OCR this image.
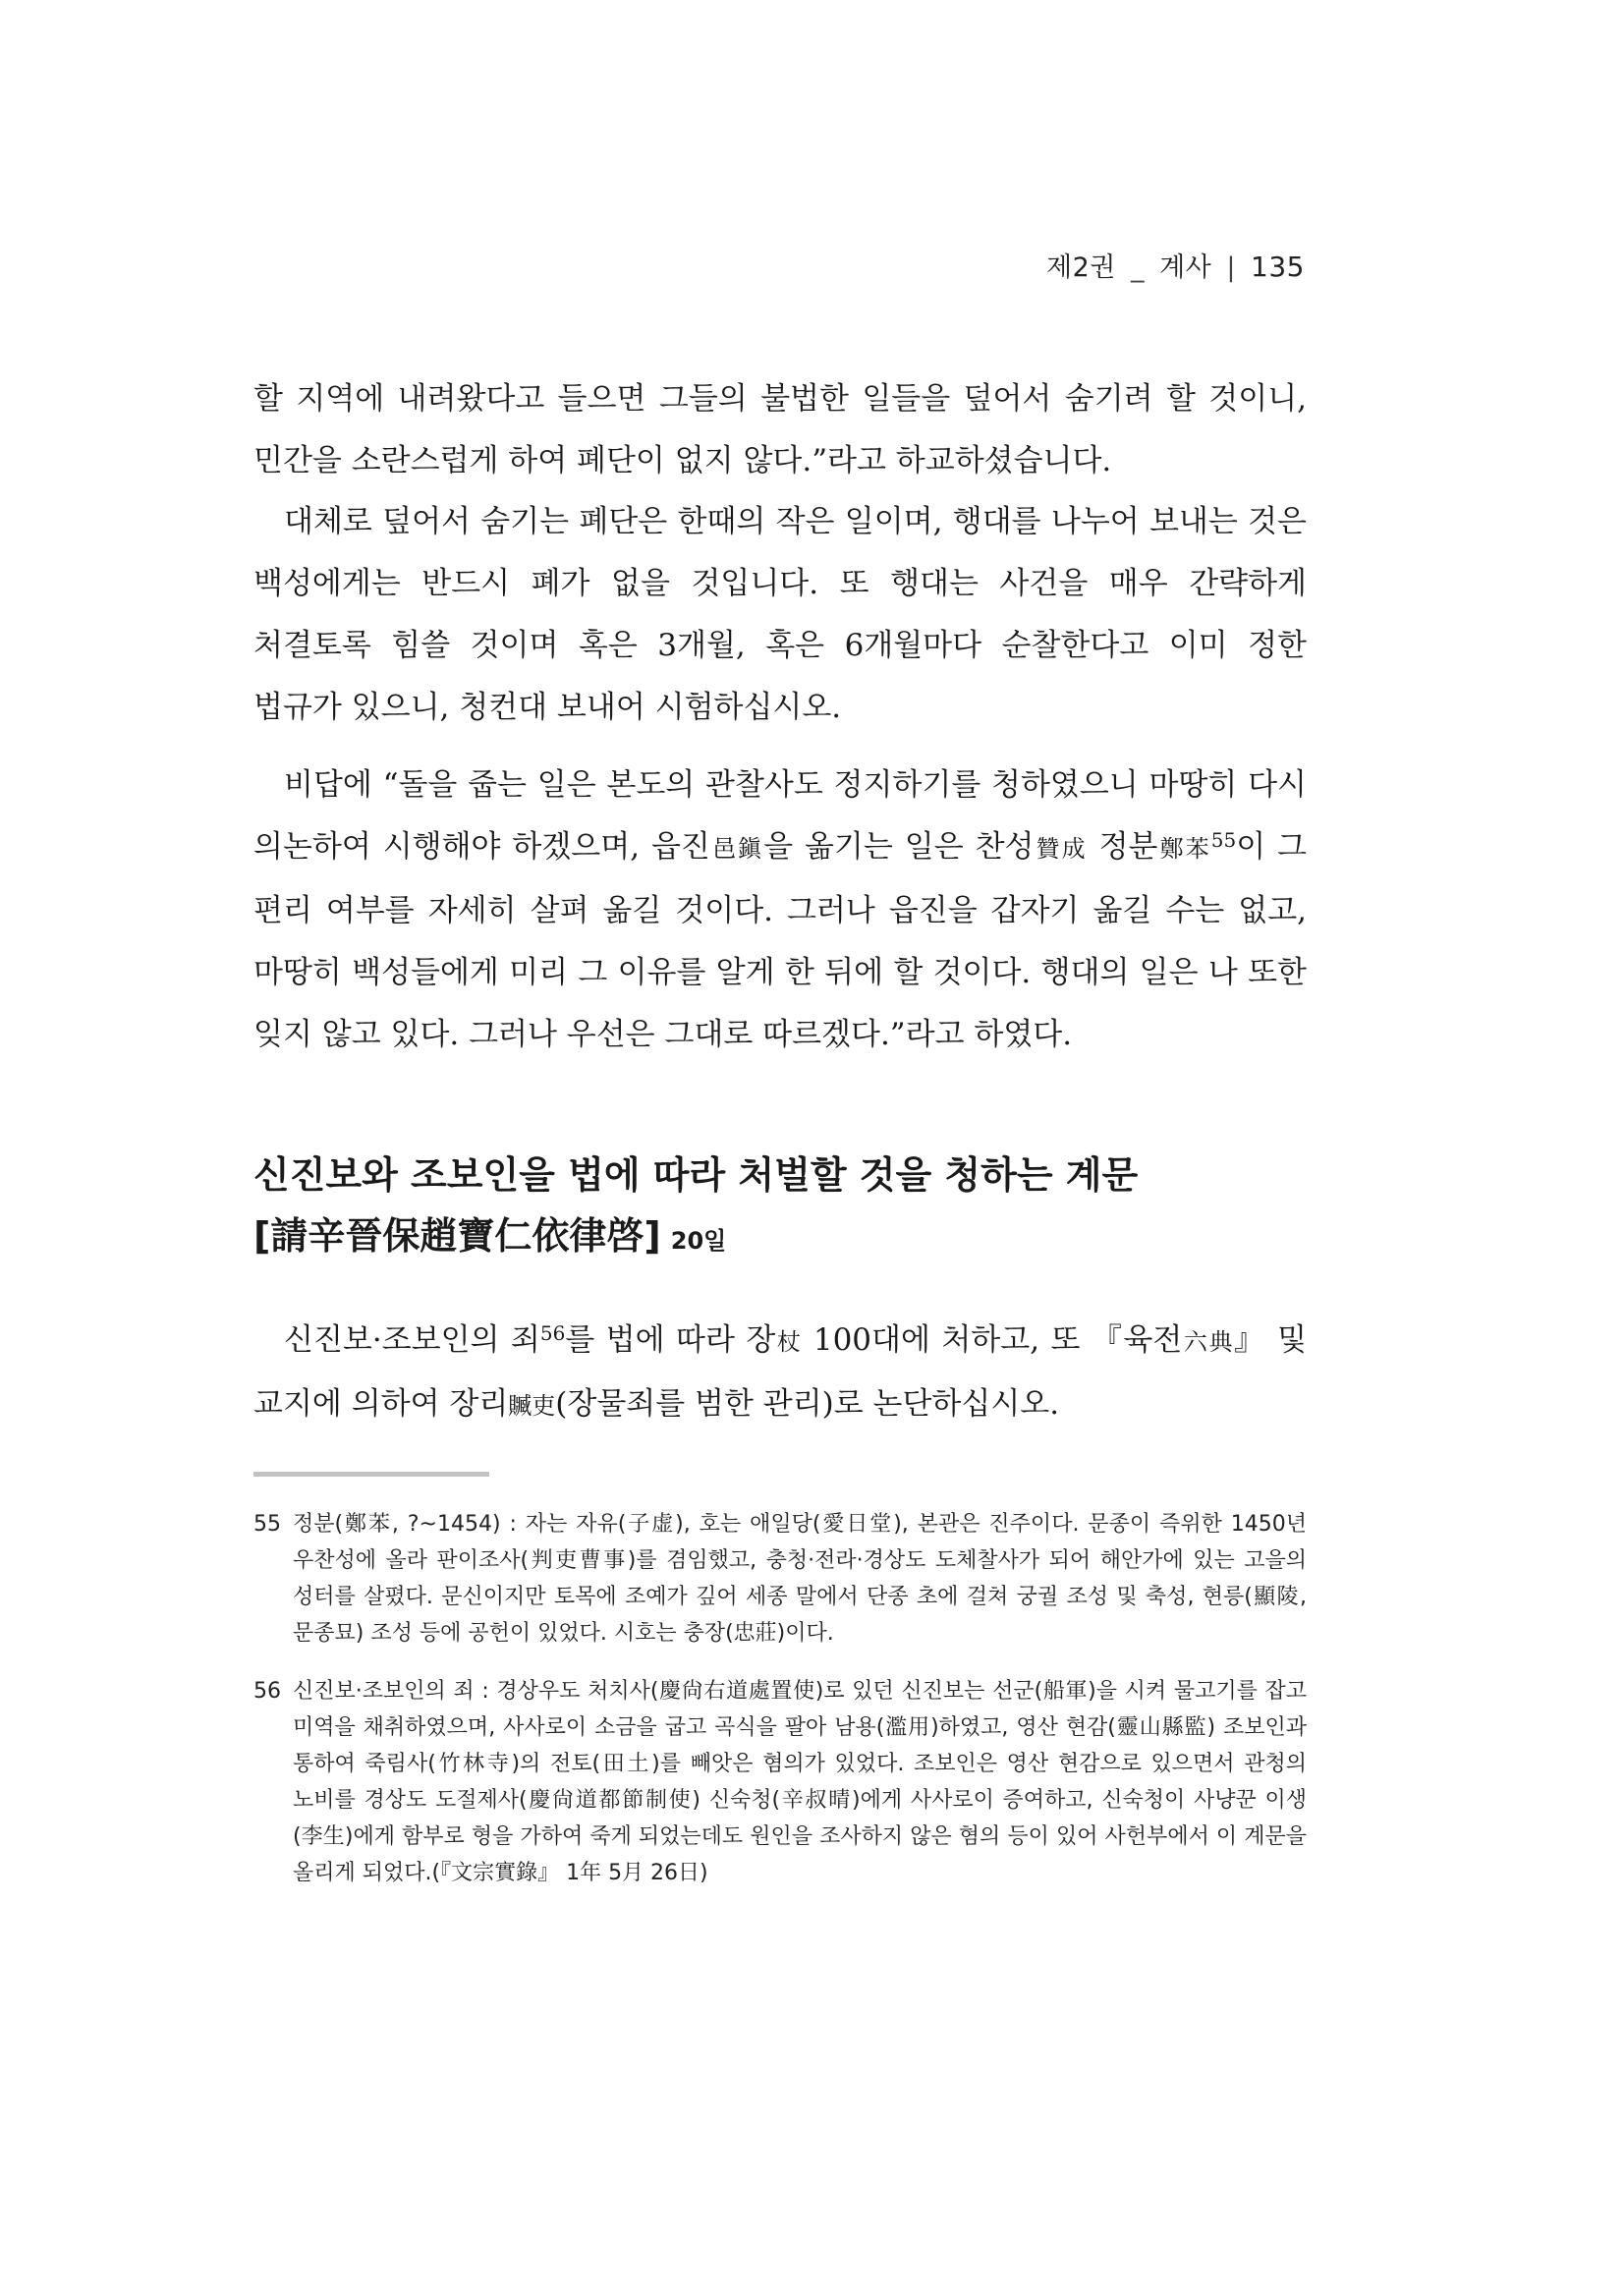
제2권 _ 계사 | 135

할 지역에 내려왔다고 들으면 그들의 불법한 일들을 덮어서 숨기려 할 것이니, 민간을 소란스럽게 하여 폐단이 없지 않다.”라고 하교하셨습니다.

대체로 덮어서 숨기는 폐단은 한때의 작은 일이며, 행대를 나누어 보내는 것은 백성에게는 반드시 폐가 없을 것입니다. 또 행대는 사건을 매우 간략하게 처결토록 힘쓸 것이며 혹은 3개월, 혹은 6개월마다 순찰한다고 이미 정한 법규가 있으니, 청컨대 보내어 시험하십시오.

비답에 “돌을 줍는 일은 본도의 관찰사도 정지하기를 청하였으니 마땅히 다시 의논하여 시행해야 하겠으며, 읍진邑鎭을 옮기는 일은 찬성贊成 정분鄭苯$^{55}$이 그 편리 여부를 자세히 살펴 옮길 것이다. 그러나 읍진을 갑자기 옮길 수는 없고, 마땅히 백성들에게 미리 그 이유를 알게 한 뒤에 할 것이다. 행대의 일은 나 또한 잊지 않고 있다. 그러나 우선은 그대로 따르겠다.”라고 하였다.

신진보와 조보인을 법에 따라 처벌할 것을 청하는 계문[請辛晉保趙寶仁依律啓] 20일

신진보·조보인의 죄$^{56}$를 법에 따라 장杖 100대에 처하고, 또 『육전六典』 및 교지에 의하여 장리贓吏(장물죄를 범한 관리)로 논단하십시오.

55 정분(鄭苯, ?~1454) : 자는 자유(子虚), 호는 애일당(愛日堂), 본관은 진주이다. 문종이 즉위한 1450년 우찬성에 올라 판이조사(判吏曹事)를 겸임했고, 충청·전라·경상도 도체찰사가 되어 해안가에 있는 고을의 성터를 살폈다. 문신이지만 토목에 조예가 깊어 세종 말에서 단종 초에 걸쳐 궁궐 조성 및 축성, 현릉(顯陵, 문종묘) 조성 등에 공헌이 있었다. 시호는 충장(忠莊)이다.

56 신진보·조보인의 죄 : 경상우도 처치사(慶尙右道處置使)로 있던 신진보는 선군(船軍)을 시켜 물고기를 잡고 미역을 채취하였으며, 사사로이 소금을 굽고 곡식을 팔아 남용(濫用)하였고, 영산 현감(靈山縣監) 조보인과 통하여 죽림사(竹林寺)의 전토(田土)를 빼앗은 혐의가 있었다. 조보인은 영산 현감으로 있으면서 관청의 노비를 경상도 도절제사(慶尙道都節制使) 신숙청(辛叔晴)에게 사사로이 증여하고, 신숙청이 사냥꾼 이생(李生)에게 함부로 형을 가하여 죽게 되었는데도 원인을 조사하지 않은 혐의 등이 있어 사헌부에서 이 계문을 올리게 되었다.(『文宗實錄』 1年 5月 26日)
